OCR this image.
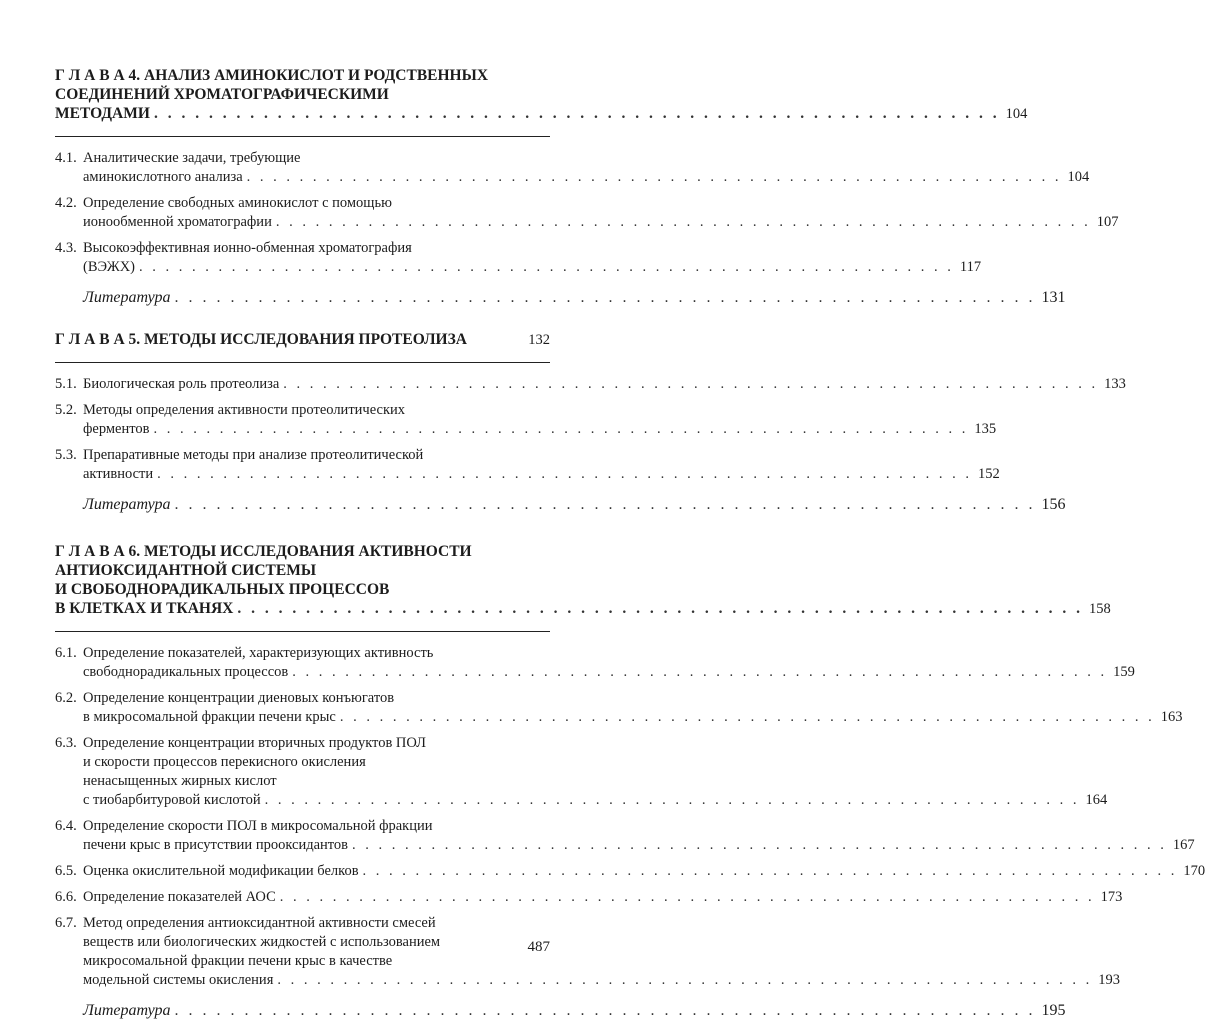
Г Л А В А 4. АНАЛИЗ АМИНОКИСЛОТ И РОДСТВЕННЫХ
СОЕДИНЕНИЙ ХРОМАТОГРАФИЧЕСКИМИ
МЕТОДАМИ . . . . . . . . . . . . . . . . . . . . . . . . . . . . . . . . . . . . . . . . . . . . . . . . . . . . . . . . . . . . . . 104
4.1. Аналитические задачи, требующие
аминокислотного анализа . . . . . . . . . . . . . . . . . . . . . . . . . . . . . . . . . . . . . . . . . . . . . . . . . . . . . . . . . . . . . . 104
4.2. Определение свободных аминокислот с помощью
ионообменной хроматографии . . . . . . . . . . . . . . . . . . . . . . . . . . . . . . . . . . . . . . . . . . . . . . . . . . . . . . . . . . . . . . 107
4.3. Высокоэффективная ионно-обменная хроматография
(ВЭЖХ) . . . . . . . . . . . . . . . . . . . . . . . . . . . . . . . . . . . . . . . . . . . . . . . . . . . . . . . . . . . . . . 117
Литература . . . . . . . . . . . . . . . . . . . . . . . . . . . . . . . . . . . . . . . . . . . . . . . . . . . . . . . . . . . . . . 131
Г Л А В А 5. МЕТОДЫ ИССЛЕДОВАНИЯ ПРОТЕОЛИЗА	132
5.1. Биологическая роль протеолиза . . . . . . . . . . . . . . . . . . . . . . . . . . . . . . . . . . . . . . . . . . . . . . . . . . . . . . . . . . . . . . 133
5.2. Методы определения активности протеолитических
ферментов . . . . . . . . . . . . . . . . . . . . . . . . . . . . . . . . . . . . . . . . . . . . . . . . . . . . . . . . . . . . . . 135
5.3. Препаративные методы при анализе протеолитической
активности . . . . . . . . . . . . . . . . . . . . . . . . . . . . . . . . . . . . . . . . . . . . . . . . . . . . . . . . . . . . . . 152
Литература . . . . . . . . . . . . . . . . . . . . . . . . . . . . . . . . . . . . . . . . . . . . . . . . . . . . . . . . . . . . . . 156
Г Л А В А 6. МЕТОДЫ ИССЛЕДОВАНИЯ АКТИВНОСТИ
АНТИОКСИДАНТНОЙ СИСТЕМЫ
И СВОБОДНОРАДИКАЛЬНЫХ ПРОЦЕССОВ
В КЛЕТКАХ И ТКАНЯХ . . . . . . . . . . . . . . . . . . . . . . . . . . . . . . . . . . . . . . . . . . . . . . . . . . . . . . . . . . . . . . 158
6.1. Определение показателей, характеризующих активность
свободнорадикальных процессов . . . . . . . . . . . . . . . . . . . . . . . . . . . . . . . . . . . . . . . . . . . . . . . . . . . . . . . . . . . . . . 159
6.2. Определение концентрации диеновых конъюгатов
в микросомальной фракции печени крыс . . . . . . . . . . . . . . . . . . . . . . . . . . . . . . . . . . . . . . . . . . . . . . . . . . . . . . . . . . . . . . 163
6.3. Определение концентрации вторичных продуктов ПОЛ
и скорости процессов перекисного окисления
ненасыщенных жирных кислот
с тиобарбитуровой кислотой . . . . . . . . . . . . . . . . . . . . . . . . . . . . . . . . . . . . . . . . . . . . . . . . . . . . . . . . . . . . . . 164
6.4. Определение скорости ПОЛ в микросомальной фракции
печени крыс в присутствии прооксидантов . . . . . . . . . . . . . . . . . . . . . . . . . . . . . . . . . . . . . . . . . . . . . . . . . . . . . . . . . . . . . . 167
6.5. Оценка окислительной модификации белков . . . . . . . . . . . . . . . . . . . . . . . . . . . . . . . . . . . . . . . . . . . . . . . . . . . . . . . . . . . . . . 170
6.6. Определение показателей АОС . . . . . . . . . . . . . . . . . . . . . . . . . . . . . . . . . . . . . . . . . . . . . . . . . . . . . . . . . . . . . . 173
6.7. Метод определения антиоксидантной активности смесей
веществ или биологических жидкостей с использованием
микросомальной фракции печени крыс в качестве
модельной системы окисления . . . . . . . . . . . . . . . . . . . . . . . . . . . . . . . . . . . . . . . . . . . . . . . . . . . . . . . . . . . . . . 193
Литература . . . . . . . . . . . . . . . . . . . . . . . . . . . . . . . . . . . . . . . . . . . . . . . . . . . . . . . . . . . . . . 195
487
